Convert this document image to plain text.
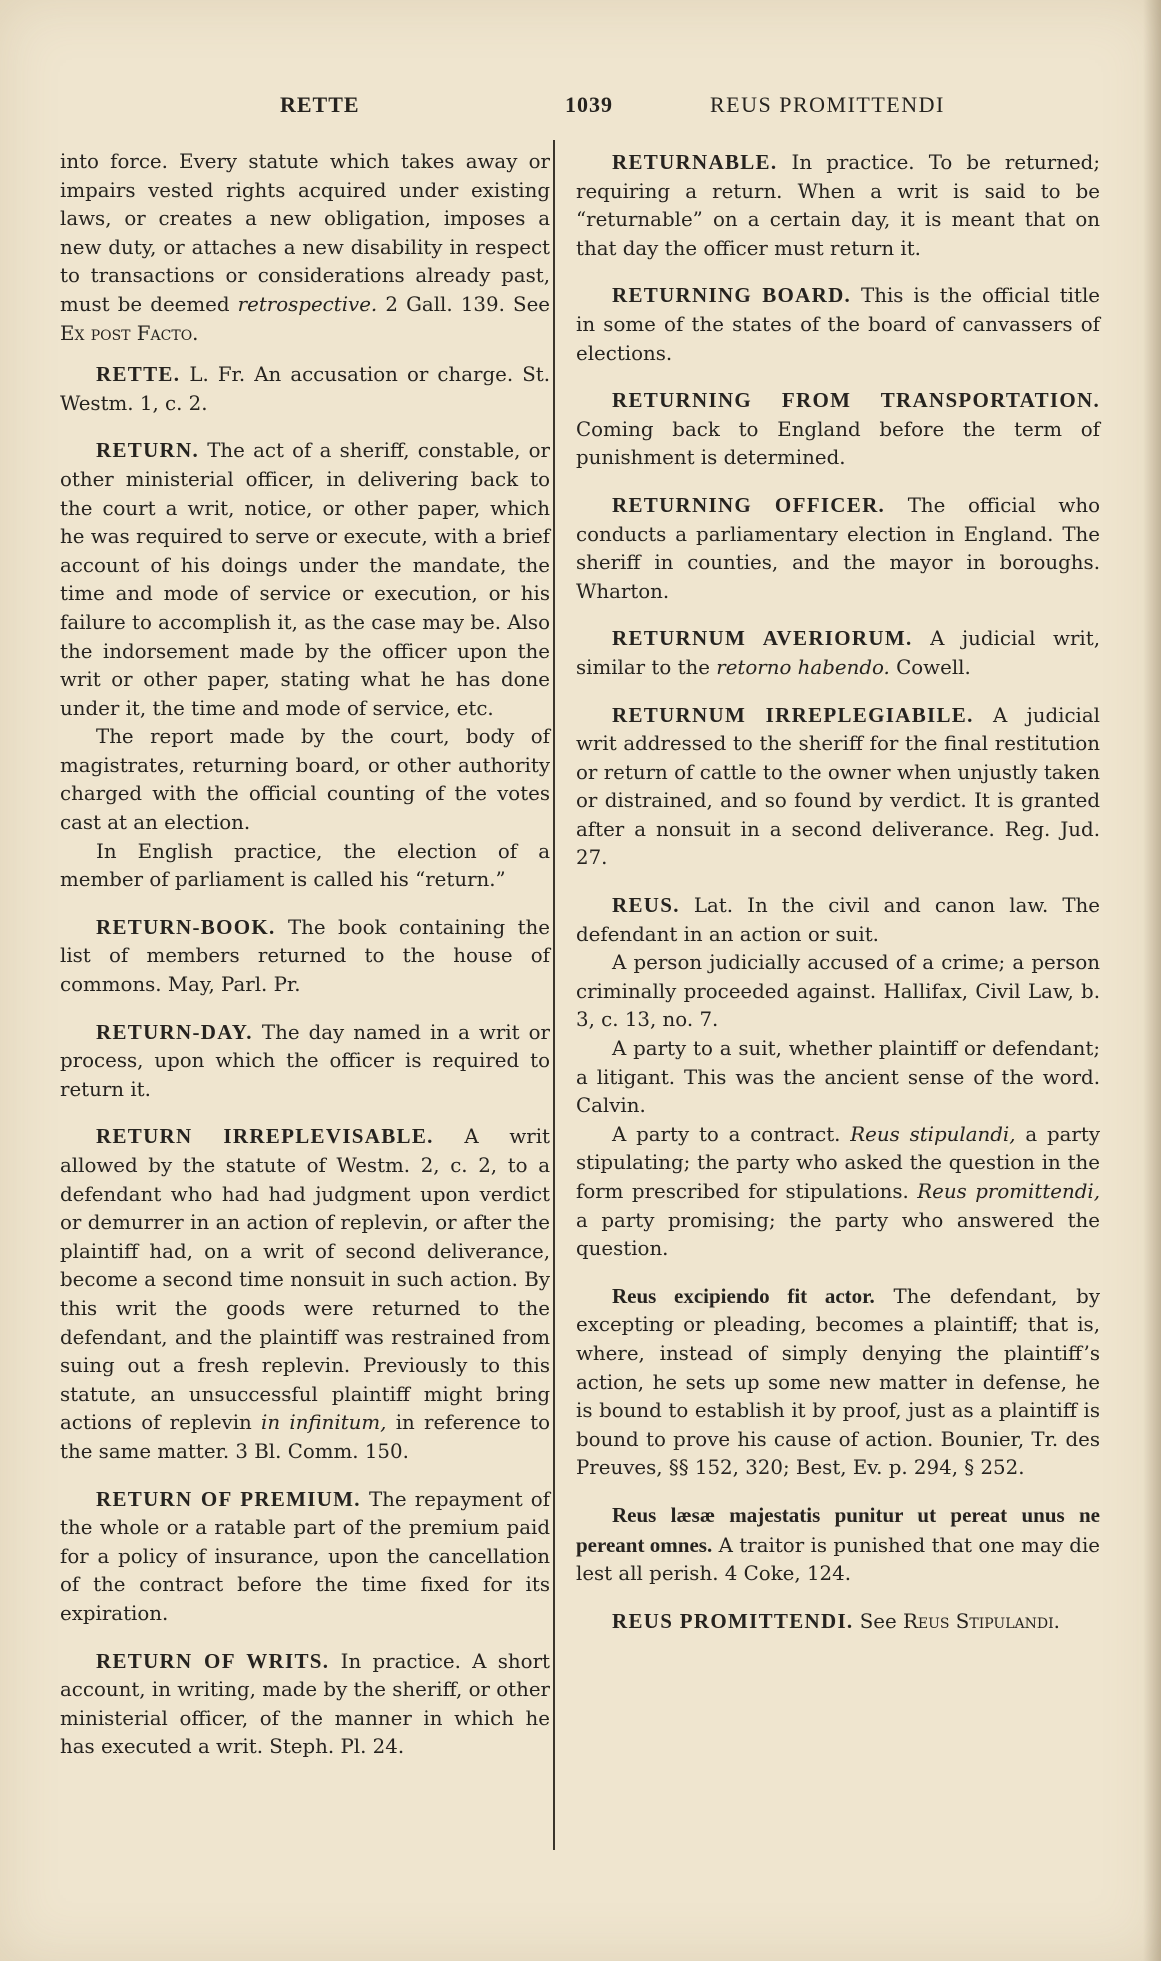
RETTE	1039	REUS PROMITTENDI

into force. Every statute which takes away or impairs vested rights acquired under existing laws, or creates a new obligation, imposes a new duty, or attaches a new disability in respect to transactions or considerations already past, must be deemed retrospective. 2 Gall. 139. See Ex post Facto.

RETTE. L. Fr. An accusation or charge. St. Westm. 1, c. 2.

RETURN. The act of a sheriff, constable, or other ministerial officer, in delivering back to the court a writ, notice, or other paper, which he was required to serve or execute, with a brief account of his doings under the mandate, the time and mode of service or execution, or his failure to accomplish it, as the case may be. Also the indorsement made by the officer upon the writ or other paper, stating what he has done under it, the time and mode of service, etc.

The report made by the court, body of magistrates, returning board, or other authority charged with the official counting of the votes cast at an election.

In English practice, the election of a member of parliament is called his “return.”

RETURN-BOOK. The book containing the list of members returned to the house of commons. May, Parl. Pr.

RETURN-DAY. The day named in a writ or process, upon which the officer is required to return it.

RETURN IRREPLEVISABLE. A writ allowed by the statute of Westm. 2, c. 2, to a defendant who had had judgment upon verdict or demurrer in an action of replevin, or after the plaintiff had, on a writ of second deliverance, become a second time nonsuit in such action. By this writ the goods were returned to the defendant, and the plaintiff was restrained from suing out a fresh replevin. Previously to this statute, an unsuccessful plaintiff might bring actions of replevin in infinitum, in reference to the same matter. 3 Bl. Comm. 150.

RETURN OF PREMIUM. The repayment of the whole or a ratable part of the premium paid for a policy of insurance, upon the cancellation of the contract before the time fixed for its expiration.

RETURN OF WRITS. In practice. A short account, in writing, made by the sheriff, or other ministerial officer, of the manner in which he has executed a writ. Steph. Pl. 24.

RETURNABLE. In practice. To be returned; requiring a return. When a writ is said to be “returnable” on a certain day, it is meant that on that day the officer must return it.

RETURNING BOARD. This is the official title in some of the states of the board of canvassers of elections.

RETURNING FROM TRANSPORTATION. Coming back to England before the term of punishment is determined.

RETURNING OFFICER. The official who conducts a parliamentary election in England. The sheriff in counties, and the mayor in boroughs. Wharton.

RETURNUM AVERIORUM. A judicial writ, similar to the retorno habendo. Cowell.

RETURNUM IRREPLEGIABILE. A judicial writ addressed to the sheriff for the final restitution or return of cattle to the owner when unjustly taken or distrained, and so found by verdict. It is granted after a nonsuit in a second deliverance. Reg. Jud. 27.

REUS. Lat. In the civil and canon law. The defendant in an action or suit.

A person judicially accused of a crime; a person criminally proceeded against. Hallifax, Civil Law, b. 3, c. 13, no. 7.

A party to a suit, whether plaintiff or defendant; a litigant. This was the ancient sense of the word. Calvin.

A party to a contract. Reus stipulandi, a party stipulating; the party who asked the question in the form prescribed for stipulations. Reus promittendi, a party promising; the party who answered the question.

Reus excipiendo fit actor. The defendant, by excepting or pleading, becomes a plaintiff; that is, where, instead of simply denying the plaintiff’s action, he sets up some new matter in defense, he is bound to establish it by proof, just as a plaintiff is bound to prove his cause of action. Bounier, Tr. des Preuves, §§ 152, 320; Best, Ev. p. 294, § 252.

Reus læsæ majestatis punitur ut pereat unus ne pereant omnes. A traitor is punished that one may die lest all perish. 4 Coke, 124.

REUS PROMITTENDI. See Reus Stipulandi.
